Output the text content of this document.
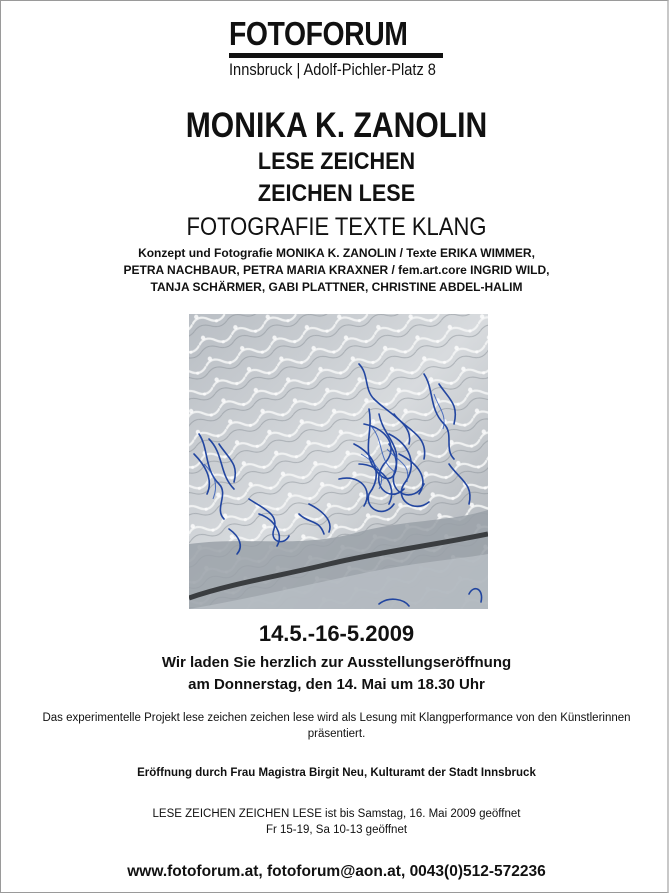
FOTOFORUM
Innsbruck | Adolf-Pichler-Platz 8
MONIKA K. ZANOLIN
LESE ZEICHEN
ZEICHEN LESE
FOTOGRAFIE TEXTE KLANG
Konzept und Fotografie MONIKA K. ZANOLIN / Texte ERIKA WIMMER,
PETRA NACHBAUR, PETRA MARIA KRAXNER / fem.art.core INGRID WILD,
TANJA SCHÄRMER, GABI PLATTNER, CHRISTINE ABDEL-HALIM
14.5.-16-5.2009
Wir laden Sie herzlich zur Ausstellungseröffnung
am Donnerstag, den 14. Mai um 18.30 Uhr
Das experimentelle Projekt lese zeichen zeichen lese wird als Lesung mit Klangperformance von den Künstlerinnen präsentiert.
Eröffnung durch Frau Magistra Birgit Neu, Kulturamt der Stadt Innsbruck
LESE ZEICHEN ZEICHEN LESE ist bis Samstag, 16. Mai 2009 geöffnet
Fr 15-19, Sa 10-13 geöffnet
www.fotoforum.at, fotoforum@aon.at, 0043(0)512-572236
